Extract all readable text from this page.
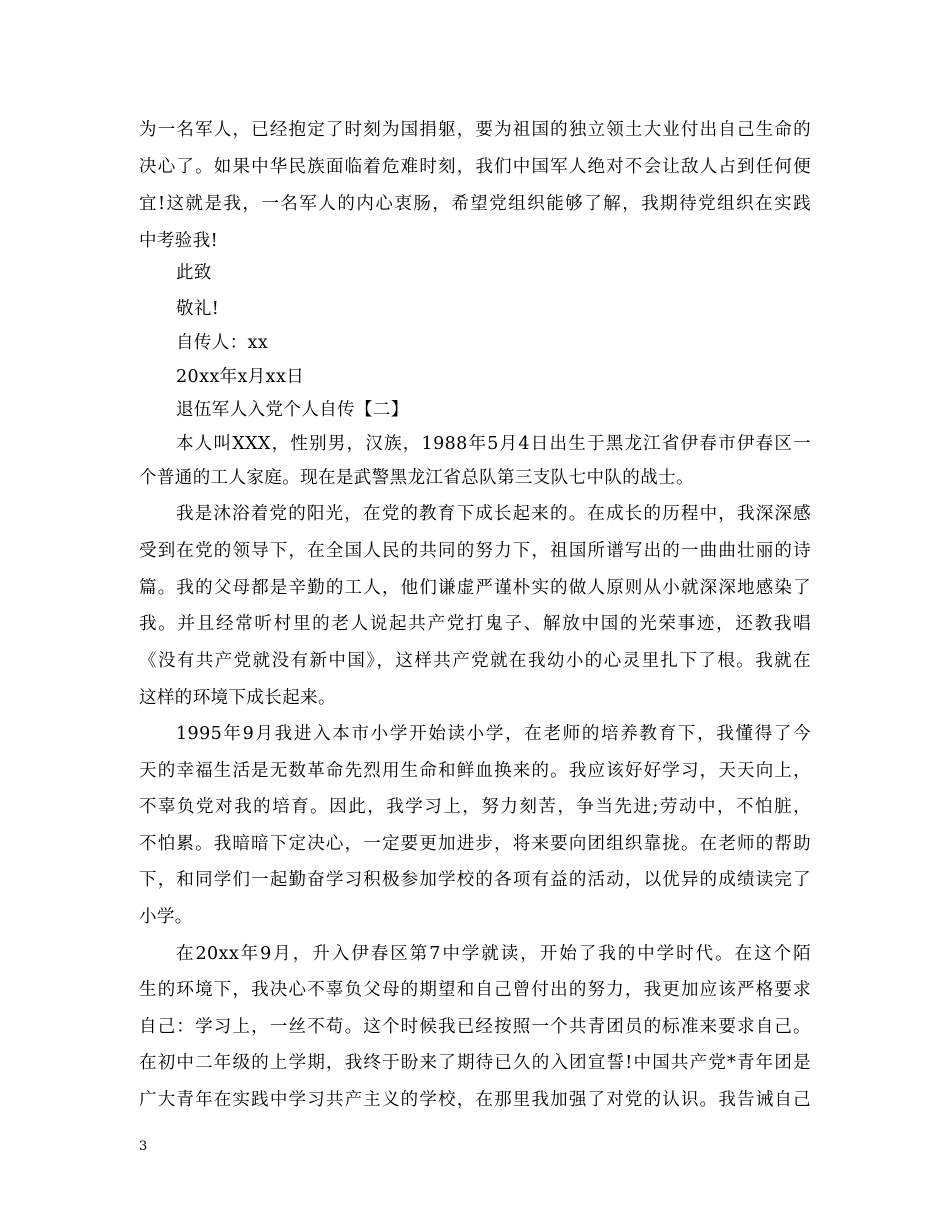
为一名军人，已经抱定了时刻为国捐躯，要为祖国的独立领土大业付出自己生命的
决心了。如果中华民族面临着危难时刻，我们中国军人绝对不会让敌人占到任何便
宜!这就是我，一名军人的内心衷肠，希望党组织能够了解，我期待党组织在实践
中考验我!
此致
敬礼!
自传人：xx
20xx年x月xx日
退伍军人入党个人自传【二】
本人叫XXX，性别男，汉族，1988年5月4日出生于黑龙江省伊春市伊春区一
个普通的工人家庭。现在是武警黑龙江省总队第三支队七中队的战士。
我是沐浴着党的阳光，在党的教育下成长起来的。在成长的历程中，我深深感
受到在党的领导下，在全国人民的共同的努力下，祖国所谱写出的一曲曲壮丽的诗
篇。我的父母都是辛勤的工人，他们谦虚严谨朴实的做人原则从小就深深地感染了
我。并且经常听村里的老人说起共产党打鬼子、解放中国的光荣事迹，还教我唱
《没有共产党就没有新中国》，这样共产党就在我幼小的心灵里扎下了根。我就在
这样的环境下成长起来。
1995年9月我进入本市小学开始读小学，在老师的培养教育下，我懂得了今
天的幸福生活是无数革命先烈用生命和鲜血换来的。我应该好好学习，天天向上，
不辜负党对我的培育。因此，我学习上，努力刻苦，争当先进;劳动中，不怕脏，
不怕累。我暗暗下定决心，一定要更加进步，将来要向团组织靠拢。在老师的帮助
下，和同学们一起勤奋学习积极参加学校的各项有益的活动，以优异的成绩读完了
小学。
在20xx年9月，升入伊春区第7中学就读，开始了我的中学时代。在这个陌
生的环境下，我决心不辜负父母的期望和自己曾付出的努力，我更加应该严格要求
自己：学习上，一丝不苟。这个时候我已经按照一个共青团员的标准来要求自己。
在初中二年级的上学期，我终于盼来了期待已久的入团宣誓!中国共产党*青年团是
广大青年在实践中学习共产主义的学校，在那里我加强了对党的认识。我告诫自己
3
